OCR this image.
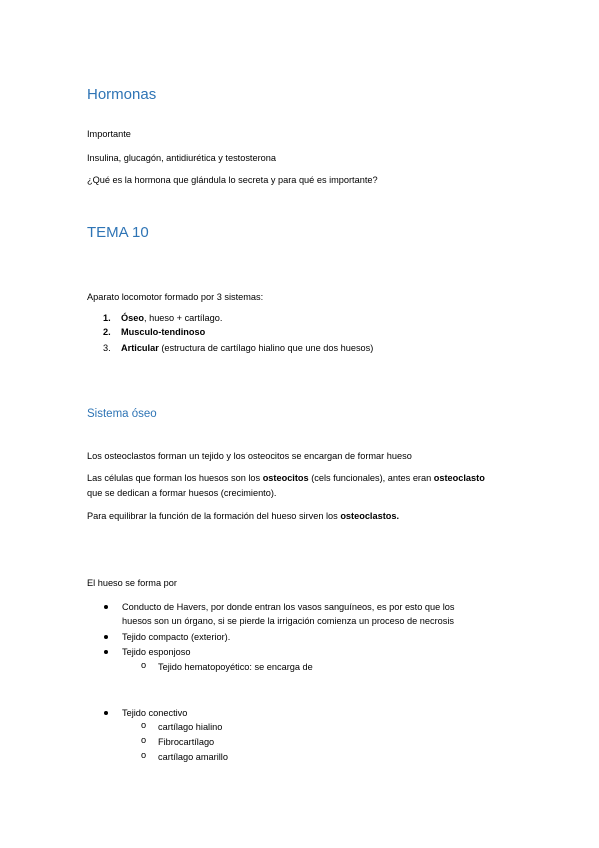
Hormonas
Importante
Insulina, glucagón, antidiurética y testosterona
¿Qué es la hormona que glándula lo secreta y para qué es importante?
TEMA 10
Aparato locomotor formado por 3 sistemas:
1. Óseo, hueso + cartílago.
2. Musculo-tendinoso
3. Articular (estructura de cartílago hialino que une dos huesos)
Sistema óseo
Los osteoclastos forman un tejido y los osteocitos se encargan de formar hueso
Las células que forman los huesos son los osteocitos (cels funcionales), antes eran osteoclasto
que se dedican a formar huesos (crecimiento).
Para equilibrar la función de la formación del hueso sirven los osteoclastos.
El hueso se forma por
Conducto de Havers, por donde entran los vasos sanguíneos, es por esto que los
huesos son un órgano, si se pierde la irrigación comienza un proceso de necrosis
Tejido compacto (exterior).
Tejido esponjoso
o Tejido hematopoyético: se encarga de
Tejido conectivo
o cartílago hialino
o Fibrocartílago
o cartílago amarillo
